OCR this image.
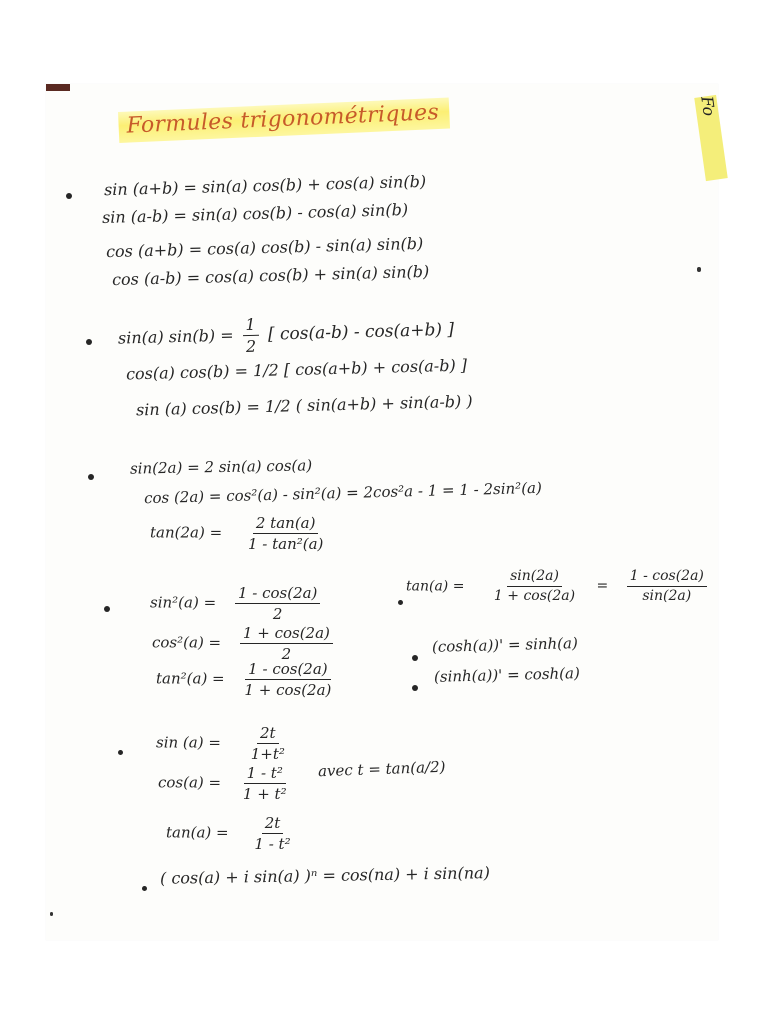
Fo
Formules trigonométriques
sin (a+b) = sin(a) cos(b) + cos(a) sin(b)
sin (a-b) = sin(a) cos(b) - cos(a) sin(b)
cos (a+b) = cos(a) cos(b) - sin(a) sin(b)
cos (a-b) = cos(a) cos(b) + sin(a) sin(b)
sin(a) $\sin(b) = \frac{1}{2}$ [ cos(a-b) - cos(a+b) ]
cos(a) cos(b) = 1/2 [ cos(a+b) + cos(a-b) ]
sin (a) cos(b) = 1/2 ( sin(a+b) + sin(a-b) )
sin(2a) = 2 sin(a) cos(a)
cos (2a) = cos²(a) - sin²(a) = 2cos²a - 1 = 1 - 2sin²(a)
$\tan(2a) = \frac{2 \tan(a)}{\text{1 - tan²(a)}}$
$\sin^2(a) = \frac{1 - \cos(2a)}{2}$
$\cos^2(a) = \frac{1 + \cos(2a)}{2}$
$\tan^2(a) = \frac{1 - \cos(2a)}{1 + \cos(2a)}$
$\tan(a) = \frac{\sin(2a)}{1 + \cos(2a)} = \frac{1 - \cos(2a)}{\sin(2a)}$
(cosh(a))' = sinh(a)
(sinh(a))' = cosh(a)
$\sin (a) = \frac{2t}{\text{1+t²}}$
$\cos(a) = \frac{\text{1 - t²}}{\text{1 + t²}}$ avec t = tan(a/2)
$\tan(a) = \frac{2t}{\text{1 - t²}}$
( cos(a) + i sin(a) )ⁿ = cos(na) + i sin(na)
